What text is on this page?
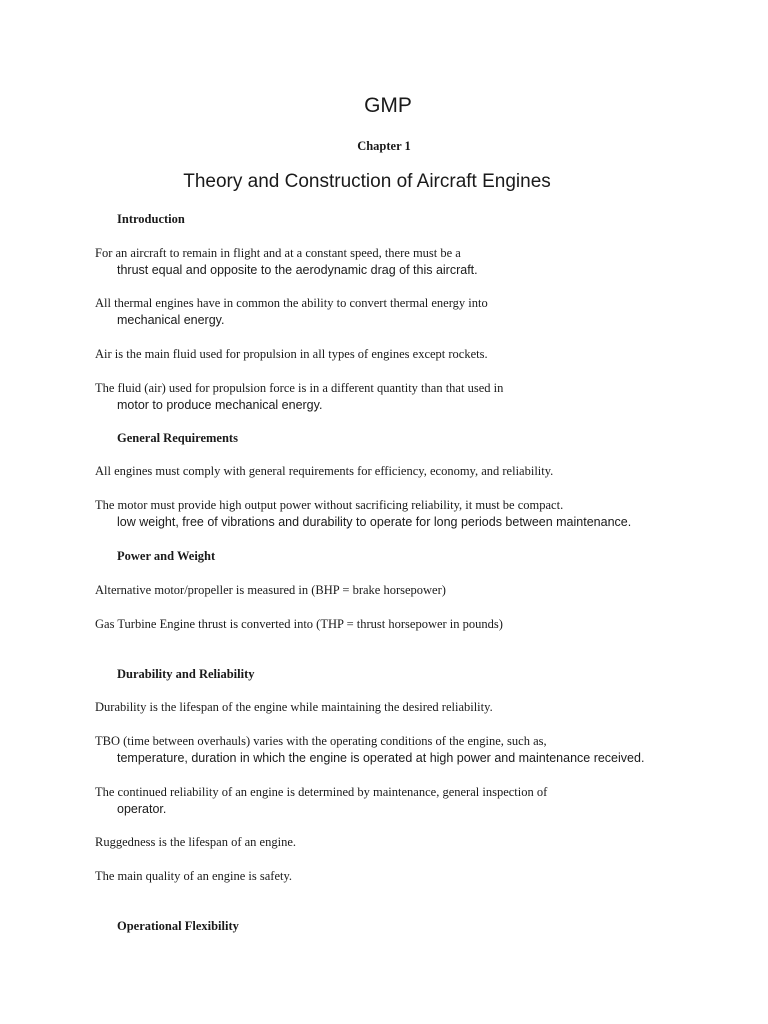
GMP
Chapter 1
Theory and Construction of Aircraft Engines
Introduction
For an aircraft to remain in flight and at a constant speed, there must be a
thrust equal and opposite to the aerodynamic drag of this aircraft.
All thermal engines have in common the ability to convert thermal energy into
mechanical energy.
Air is the main fluid used for propulsion in all types of engines except rockets.
The fluid (air) used for propulsion force is in a different quantity than that used in
motor to produce mechanical energy.
General Requirements
All engines must comply with general requirements for efficiency, economy, and reliability.
The motor must provide high output power without sacrificing reliability, it must be compact.
low weight, free of vibrations and durability to operate for long periods between maintenance.
Power and Weight
Alternative motor/propeller is measured in (BHP = brake horsepower)
Gas Turbine Engine thrust is converted into (THP = thrust horsepower in pounds)
Durability and Reliability
Durability is the lifespan of the engine while maintaining the desired reliability.
TBO (time between overhauls) varies with the operating conditions of the engine, such as,
temperature, duration in which the engine is operated at high power and maintenance received.
The continued reliability of an engine is determined by maintenance, general inspection of
operator.
Ruggedness is the lifespan of an engine.
The main quality of an engine is safety.
Operational Flexibility
